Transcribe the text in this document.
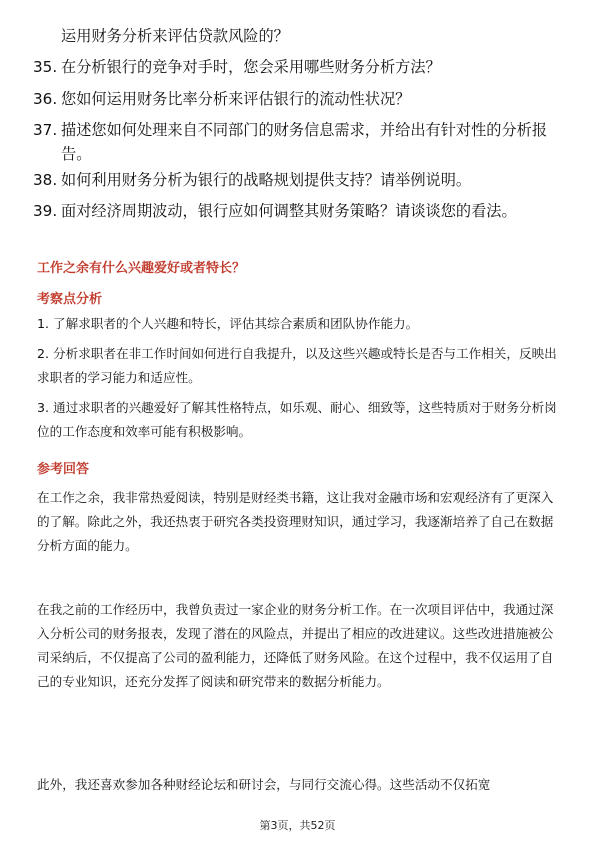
运用财务分析来评估贷款风险的？
35. 在分析银行的竞争对手时，您会采用哪些财务分析方法？
36. 您如何运用财务比率分析来评估银行的流动性状况？
37. 描述您如何处理来自不同部门的财务信息需求，并给出有针对性的分析报告。
38. 如何利用财务分析为银行的战略规划提供支持？请举例说明。
39. 面对经济周期波动，银行应如何调整其财务策略？请谈谈您的看法。
工作之余有什么兴趣爱好或者特长？
考察点分析
1. 了解求职者的个人兴趣和特长，评估其综合素质和团队协作能力。
2. 分析求职者在非工作时间如何进行自我提升，以及这些兴趣或特长是否与工作相关，反映出求职者的学习能力和适应性。
3. 通过求职者的兴趣爱好了解其性格特点，如乐观、耐心、细致等，这些特质对于财务分析岗位的工作态度和效率可能有积极影响。
参考回答
在工作之余，我非常热爱阅读，特别是财经类书籍，这让我对金融市场和宏观经济有了更深入的了解。除此之外，我还热衷于研究各类投资理财知识，通过学习，我逐渐培养了自己在数据分析方面的能力。
在我之前的工作经历中，我曾负责过一家企业的财务分析工作。在一次项目评估中，我通过深入分析公司的财务报表，发现了潜在的风险点，并提出了相应的改进建议。这些改进措施被公司采纳后，不仅提高了公司的盈利能力，还降低了财务风险。在这个过程中，我不仅运用了自己的专业知识，还充分发挥了阅读和研究带来的数据分析能力。
此外，我还喜欢参加各种财经论坛和研讨会，与同行交流心得。这些活动不仅拓宽
第3页，共52页
